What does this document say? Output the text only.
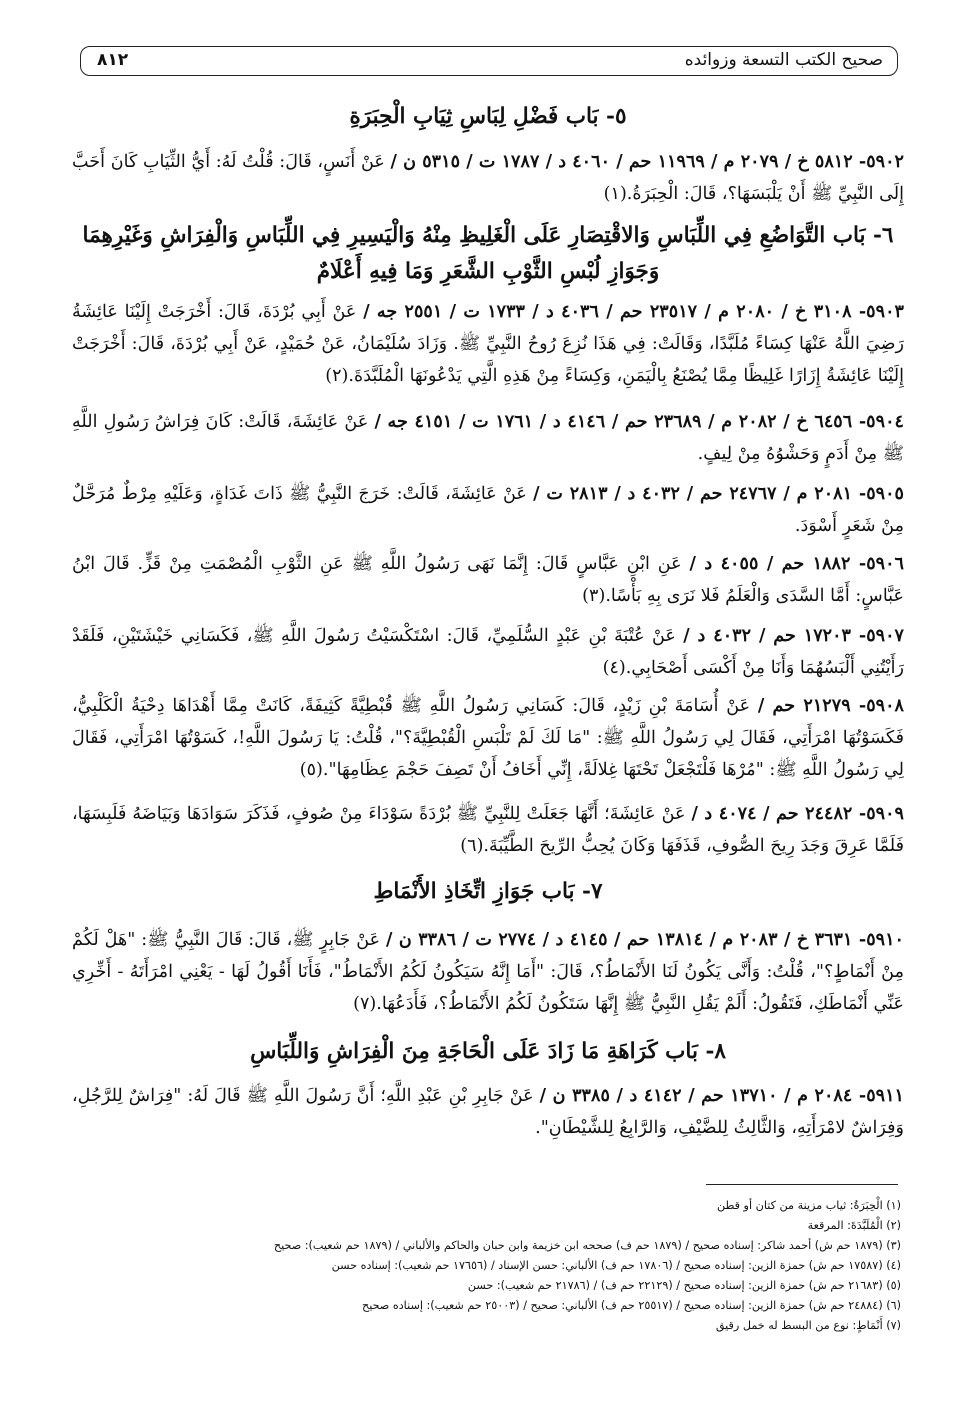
صحيح الكتب التسعة وزوائده
٨١٢
٥- بَاب فَضْلِ لِبَاسِ ثِيَابِ الْحِبَرَةِ
٥٩٠٢- ٥٨١٢ خ / ٢٠٧٩ م / ١١٩٦٩ حم / ٤٠٦٠ د / ١٧٨٧ ت / ٥٣١٥ ن / عَنْ أَنَسٍ، قَالَ: قُلْتُ لَهُ: أَيُّ الثِّيَابِ كَانَ أَحَبَّ إِلَى النَّبِيِّ ﷺ أَنْ يَلْبَسَهَا؟، قَالَ: الْحِبَرَةُ.(١)
٦- بَاب التَّوَاضُعِ فِي اللِّبَاسِ وَالاقْتِصَارِ عَلَى الْغَلِيظِ مِنْهُ وَالْيَسِيرِ فِي اللِّبَاسِ وَالْفِرَاشِ وَغَيْرِهِمَا وَجَوَازِ لُبْسِ الثَّوْبِ الشَّعَرِ وَمَا فِيهِ أَعْلَامٌ
٥٩٠٣- ٣١٠٨ خ / ٢٠٨٠ م / ٢٣٥١٧ حم / ٤٠٣٦ د / ١٧٣٣ ت / ٢٥٥١ جه / عَنْ أَبِي بُرْدَةَ، قَالَ: أَخْرَجَتْ إِلَيْنَا عَائِشَةُ رَضِيَ اللَّهُ عَنْهَا كِسَاءً مُلَبَّدًا، وَقَالَتْ: فِي هَذَا نُزِعَ رُوحُ النَّبِيِّ ﷺ. وَزَادَ سُلَيْمَانُ، عَنْ حُمَيْدٍ، عَنْ أَبِي بُرْدَةَ، قَالَ: أَخْرَجَتْ إِلَيْنَا عَائِشَةُ إِزَارًا غَلِيظًا مِمَّا يُصْنَعُ بِالْيَمَنِ، وَكِسَاءً مِنْ هَذِهِ الَّتِي يَدْعُونَهَا الْمُلَبَّدَةَ.(٢)
٥٩٠٤- ٦٤٥٦ خ / ٢٠٨٢ م / ٢٣٦٨٩ حم / ٤١٤٦ د / ١٧٦١ ت / ٤١٥١ جه / عَنْ عَائِشَةَ، قَالَتْ: كَانَ فِرَاشُ رَسُولِ اللَّهِ ﷺ مِنْ أَدَمٍ وَحَشْوُهُ مِنْ لِيفٍ.
٥٩٠٥- ٢٠٨١ م / ٢٤٧٦٧ حم / ٤٠٣٢ د / ٢٨١٣ ت / عَنْ عَائِشَةَ، قَالَتْ: خَرَجَ النَّبِيُّ ﷺ ذَاتَ غَدَاةٍ، وَعَلَيْهِ مِرْطٌ مُرَحَّلٌ مِنْ شَعَرٍ أَسْوَدَ.
٥٩٠٦- ١٨٨٢ حم / ٤٠٥٥ د / عَنِ ابْنِ عَبَّاسٍ قَالَ: إِنَّمَا نَهَى رَسُولُ اللَّهِ ﷺ عَنِ الثَّوْبِ الْمُصْمَتِ مِنْ قَزٍّ. قَالَ ابْنُ عَبَّاسٍ: أَمَّا السَّدَى وَالْعَلَمُ فَلا نَرَى بِهِ بَأْسًا.(٣)
٥٩٠٧- ١٧٢٠٣ حم / ٤٠٣٢ د / عَنْ عُتْبَةَ بْنِ عَبْدٍ السُّلَمِيِّ، قَالَ: اسْتَكْسَيْتُ رَسُولَ اللَّهِ ﷺ، فَكَسَانِي خَيْشَتَيْنِ، فَلَقَدْ رَأَيْتُنِي أَلْبَسُهُمَا وَأَنَا مِنْ أَكْسَى أَصْحَابِي.(٤)
٥٩٠٨- ٢١٢٧٩ حم / عَنْ أُسَامَةَ بْنِ زَيْدٍ، قَالَ: كَسَانِي رَسُولُ اللَّهِ ﷺ قُبْطِيَّةً كَثِيفَةً، كَانَتْ مِمَّا أَهْدَاهَا دِحْيَةُ الْكَلْبِيُّ، فَكَسَوْتُهَا امْرَأَتِي، فَقَالَ لِي رَسُولُ اللَّهِ ﷺ: "مَا لَكَ لَمْ تَلْبَسِ الْقُبْطِيَّةَ؟"، قُلْتُ: يَا رَسُولَ اللَّهِ!، كَسَوْتُهَا امْرَأَتِي، فَقَالَ لِي رَسُولُ اللَّهِ ﷺ: "مُرْهَا فَلْتَجْعَلْ تَحْتَهَا غِلالَةً، إِنِّي أَخَافُ أَنْ تَصِفَ حَجْمَ عِظَامِهَا".(٥)
٥٩٠٩- ٢٤٤٨٢ حم / ٤٠٧٤ د / عَنْ عَائِشَةَ؛ أَنَّهَا جَعَلَتْ لِلنَّبِيِّ ﷺ بُرْدَةً سَوْدَاءَ مِنْ صُوفٍ، فَذَكَرَ سَوَادَهَا وَبَيَاضَهُ فَلَبِسَهَا، فَلَمَّا عَرِقَ وَجَدَ رِيحَ الصُّوفِ، قَذَفَهَا وَكَانَ يُحِبُّ الرِّيحَ الطَّيِّبَةَ.(٦)
٧- بَاب جَوَازِ اتِّخَاذِ الأَنْمَاطِ
٥٩١٠- ٣٦٣١ خ / ٢٠٨٣ م / ١٣٨١٤ حم / ٤١٤٥ د / ٢٧٧٤ ت / ٣٣٨٦ ن / عَنْ جَابِرٍ ﷺ، قَالَ: قَالَ النَّبِيُّ ﷺ: "هَلْ لَكُمْ مِنْ أَنْمَاطٍ؟"، قُلْتُ: وَأَنَّى يَكُونُ لَنَا الأَنْمَاطُ؟، قَالَ: "أَمَا إِنَّهُ سَيَكُونُ لَكُمُ الأَنْمَاطُ"، فَأَنَا أَقُولُ لَهَا - يَعْنِي امْرَأَتَهُ - أَخِّرِي عَنِّي أَنْمَاطَكِ، فَتَقُولُ: أَلَمْ يَقُلِ النَّبِيُّ ﷺ إِنَّهَا سَتَكُونُ لَكُمُ الأَنْمَاطُ؟، فَأَدَعُهَا.(٧)
٨- بَاب كَرَاهَةِ مَا زَادَ عَلَى الْحَاجَةِ مِنَ الْفِرَاشِ وَاللِّبَاسِ
٥٩١١- ٢٠٨٤ م / ١٣٧١٠ حم / ٤١٤٢ د / ٣٣٨٥ ن / عَنْ جَابِرِ بْنِ عَبْدِ اللَّهِ؛ أَنَّ رَسُولَ اللَّهِ ﷺ قَالَ لَهُ: "فِرَاشٌ لِلرَّجُلِ، وَفِرَاشٌ لامْرَأَتِهِ، وَالثَّالِثُ لِلضَّيْفِ، وَالرَّابِعُ لِلشَّيْطَانِ".
(١) الْحِبَرَةُ: ثياب مزينة من كتان أو قطن
(٢) الْمُلَبَّدَةَ: المرقعة
(٣) (١٨٧٩ حم ش) أحمد شاكر: إسناده صحيح / (١٨٧٩ حم ف) صححه ابن خزيمة وابن حبان والحاكم والألباني / (١٨٧٩ حم شعيب): صحيح
(٤) (١٧٥٨٧ حم ش) حمزة الزين: إسناده صحيح / (١٧٨٠٦ حم ف) الألباني: حسن الإسناد / (١٧٦٥٦ حم شعيب): إسناده حسن
(٥) (٢١٦٨٣ حم ش) حمزة الزين: إسناده صحيح / (٢٢١٢٩ حم ف) / (٢١٧٨٦ حم شعيب): حسن
(٦) (٢٤٨٨٤ حم ش) حمزة الزين: إسناده صحيح / (٢٥٥١٧ حم ف) الألباني: صحيح / (٢٥٠٠٣ حم شعيب): إسناده صحيح
(٧) أَنْمَاطٍ: نوع من البسط له خمل رقيق
